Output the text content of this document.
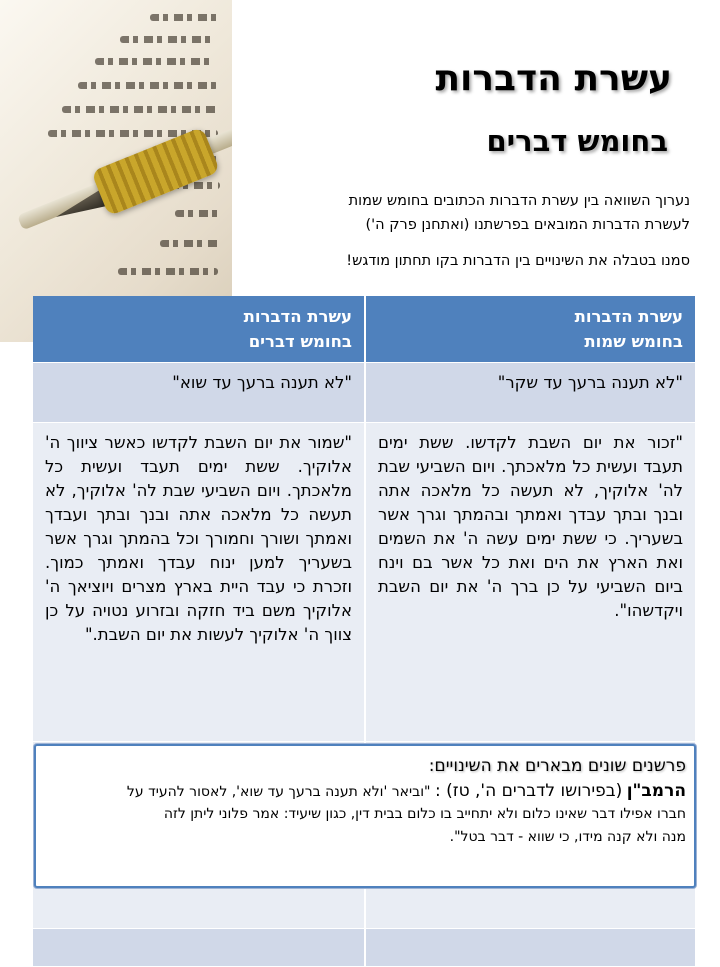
עשרת הדברות
בחומש דברים
נערוך השוואה בין עשרת הדברות הכתובים בחומש שמות
לעשרת הדברות המובאים בפרשתנו (ואתחנן פרק ה')
סמנו בטבלה את השינויים בין הדברות בקו תחתון מודגש!
עשרת הדברות
בחומש שמות
עשרת הדברות
בחומש דברים
"לא תענה ברעך עד שקר"
"לא תענה ברעך עד שוא"
"זכור את יום השבת לקדשו. ששת ימים תעבד ועשית כל מלאכתך. ויום השביעי שבת לה' אלוקיך, לא תעשה כל מלאכה אתה ובנך ובתך עבדך ואמתך ובהמתך וגרך אשר בשעריך. כי ששת ימים עשה ה' את השמים ואת הארץ את הים ואת כל אשר בם וינח ביום השביעי על כן ברך ה' את יום השבת ויקדשהו".
"שמור את יום השבת לקדשו כאשר ציווך ה' אלוקיך. ששת ימים תעבד ועשית כל מלאכתך. ויום השביעי שבת לה' אלוקיך, לא תעשה כל מלאכה אתה ובנך ובתך ועבדך ואמתך ושורך וחמורך וכל בהמתך וגרך אשר בשעריך למען ינוח עבדך ואמתך כמוך. וזכרת כי עבד היית בארץ מצרים ויוציאך ה' אלוקיך משם ביד חזקה ובזרוע נטויה על כן צווך ה' אלוקיך לעשות את יום השבת."
פרשנים שונים מבארים את השינויים:
הרמב"ן (בפירושו לדברים ה', טז) : "וביאר 'ולא תענה ברעך עד שוא', לאסור להעיד על
חברו אפילו דבר שאינו כלום ולא יתחייב בו כלום בבית דין, כגון שיעיד: אמר פלוני ליתן לזה
מנה ולא קנה מידו, כי שווא - דבר בטל".
